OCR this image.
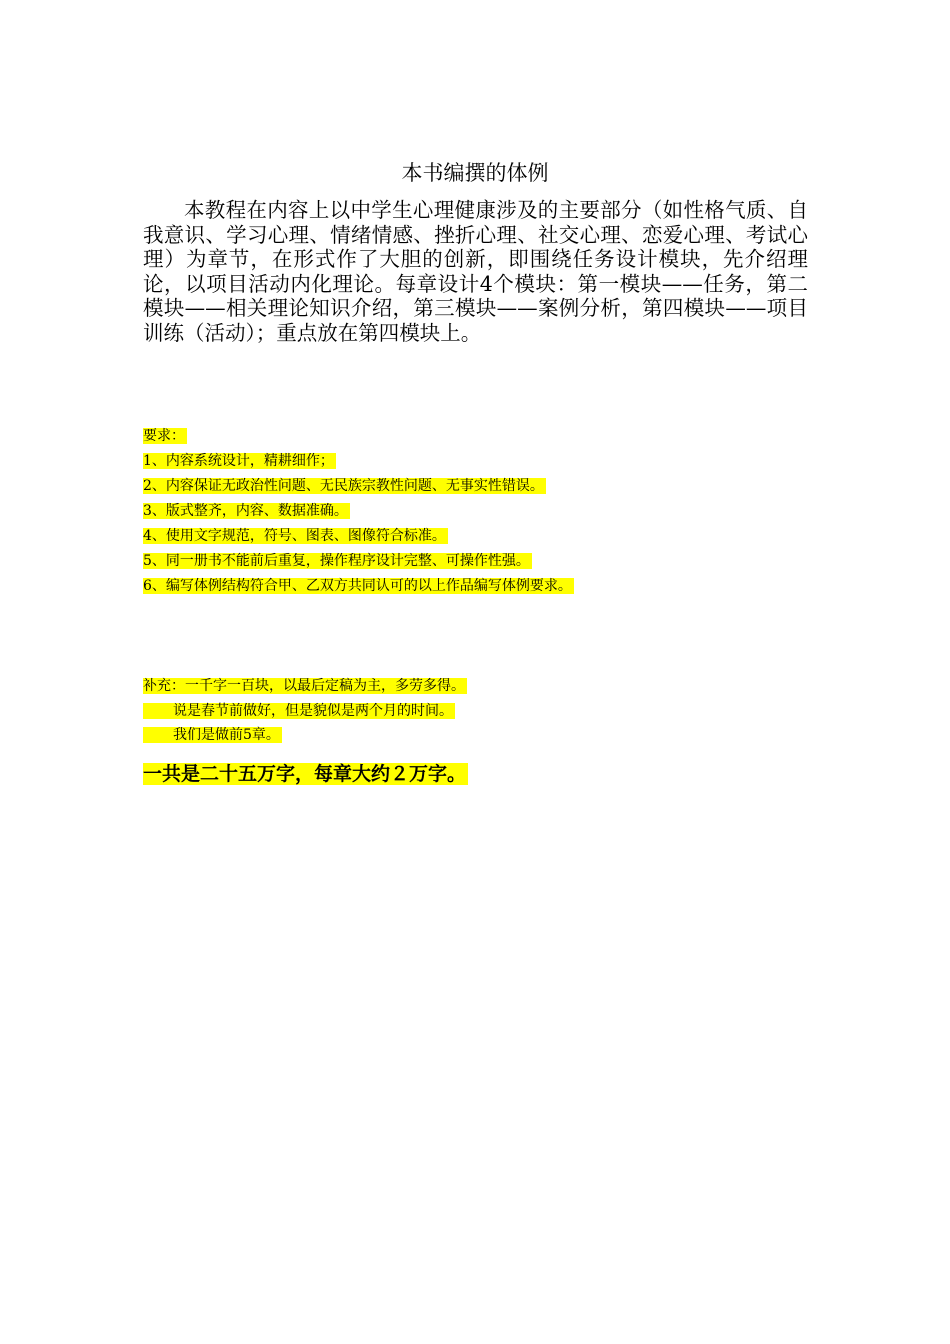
本书编撰的体例

本教程在内容上以中学生心理健康涉及的主要部分（如性格气质、自我意识、学习心理、情绪情感、挫折心理、社交心理、恋爱心理、考试心理）为章节，在形式作了大胆的创新，即围绕任务设计模块，先介绍理论，以项目活动内化理论。每章设计4个模块：第一模块——任务，第二模块——相关理论知识介绍，第三模块——案例分析，第四模块——项目训练（活动）；重点放在第四模块上。

要求：
1、内容系统设计，精耕细作；
2、内容保证无政治性问题、无民族宗教性问题、无事实性错误。
3、版式整齐，内容、数据准确。
4、使用文字规范，符号、图表、图像符合标准。
5、同一册书不能前后重复，操作程序设计完整、可操作性强。
6、编写体例结构符合甲、乙双方共同认可的以上作品编写体例要求。
补充：一千字一百块，以最后定稿为主，多劳多得。
　　说是春节前做好，但是貌似是两个月的时间。
　　我们是做前5章。

一共是二十五万字，每章大约２万字。
